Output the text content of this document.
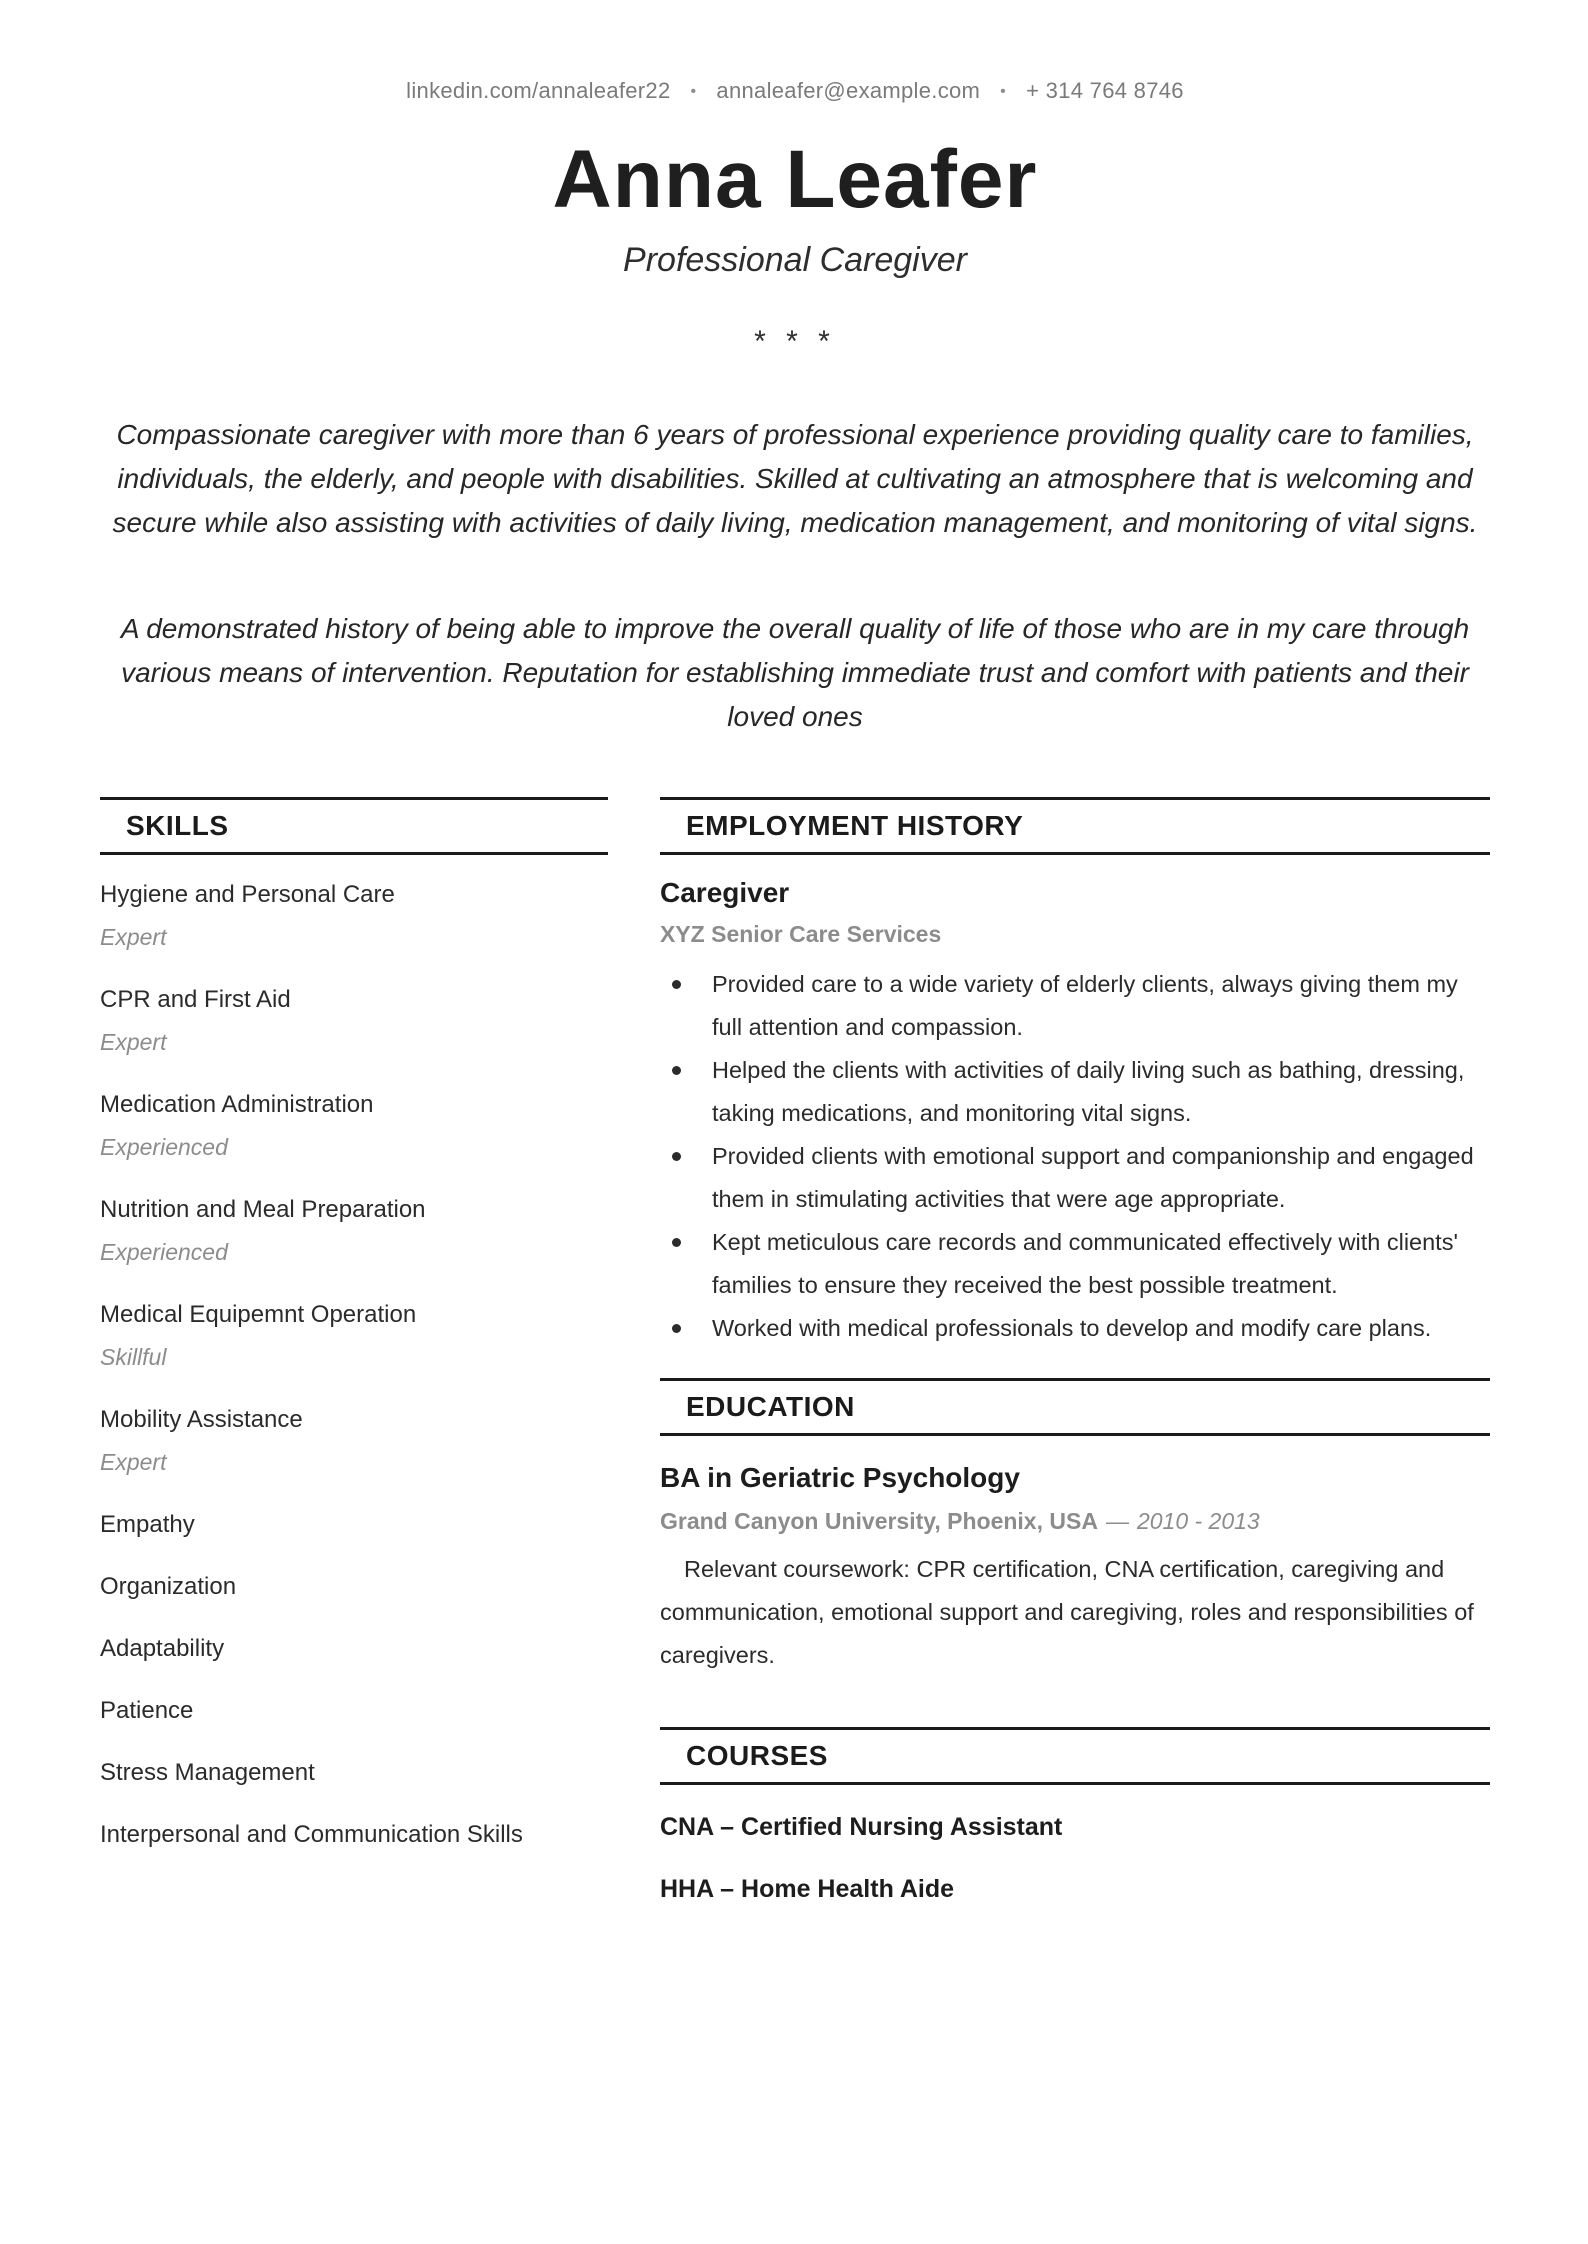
linkedin.com/annaleafer22 • annaleafer@example.com • + 314 764 8746
Anna Leafer
Professional Caregiver
* * *

Compassionate caregiver with more than 6 years of professional experience providing quality care to families, individuals, the elderly, and people with disabilities. Skilled at cultivating an atmosphere that is welcoming and secure while also assisting with activities of daily living, medication management, and monitoring of vital signs.

A demonstrated history of being able to improve the overall quality of life of those who are in my care through various means of intervention. Reputation for establishing immediate trust and comfort with patients and their loved ones

SKILLS
Hygiene and Personal Care
Expert
CPR and First Aid
Expert
Medication Administration
Experienced
Nutrition and Meal Preparation
Experienced
Medical Equipemnt Operation
Skillful
Mobility Assistance
Expert
Empathy
Organization
Adaptability
Patience
Stress Management
Interpersonal and Communication Skills
EMPLOYMENT HISTORY
Caregiver
XYZ Senior Care Services
Provided care to a wide variety of elderly clients, always giving them my full attention and compassion.
Helped the clients with activities of daily living such as bathing, dressing, taking medications, and monitoring vital signs.
Provided clients with emotional support and companionship and engaged them in stimulating activities that were age appropriate.
Kept meticulous care records and communicated effectively with clients' families to ensure they received the best possible treatment.
Worked with medical professionals to develop and modify care plans.
EDUCATION
BA in Geriatric Psychology
Grand Canyon University, Phoenix, USA — 2010 - 2013

Relevant coursework: CPR certification, CNA certification, caregiving and communication, emotional support and caregiving, roles and responsibilities of caregivers.

COURSES
CNA – Certified Nursing Assistant
HHA – Home Health Aide
